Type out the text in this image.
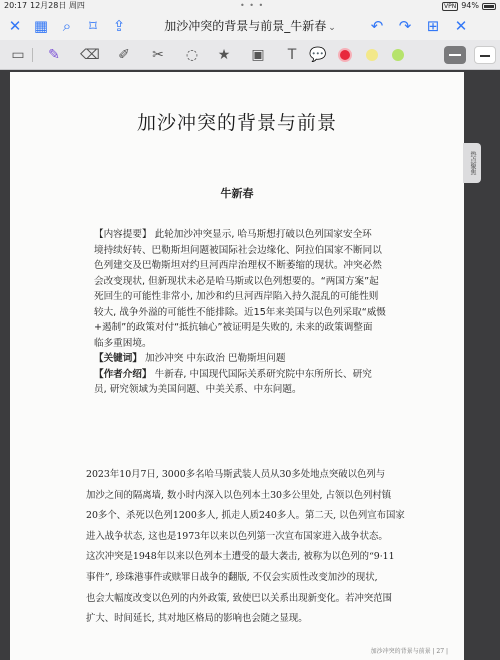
20:17 12月28日 周四	• • •	VPN 94%
✕ ▦ ⌕	⌑	⇪	加沙冲突的背景与前景_牛新春 ⌄	↶ ↷ ⊞ ✕
▭ ✎ ⌫ ✐ ✂ ◌ ★ ▣	T 💬
加沙冲突的背景与前景
牛新春
【内容提要】 此轮加沙冲突显示, 哈马斯想打破以色列国家安全环
境持续好转、巴勒斯坦问题被国际社会边缘化、阿拉伯国家不断同以
色列建交及巴勒斯坦对约旦河西岸治理权不断萎缩的现状。冲突必然
会改变现状, 但新现状未必是哈马斯或以色列想要的。“两国方案”起
死回生的可能性非常小, 加沙和约旦河西岸陷入持久混乱的可能性则
较大, 战争外溢的可能性不能排除。近15年来美国与以色列采取“威慑
+遏制”的政策对付“抵抗轴心”被证明是失败的, 未来的政策调整面
临多重困境。
【关键词】 加沙冲突 中东政治 巴勒斯坦问题
【作者介绍】 牛新春, 中国现代国际关系研究院中东所所长、研究
员, 研究领域为美国问题、中美关系、中东问题。
2023年10月7日, 3000多名哈马斯武装人员从30多处地点突破以色列与
加沙之间的隔离墙, 数小时内深入以色列本土30多公里处, 占领以色列村镇
20多个、杀死以色列1200多人, 抓走人质240多人。第二天, 以色列宣布国家
进入战争状态, 这也是1973年以来以色列第一次宣布国家进入战争状态。
这次冲突是1948年以来以色列本土遭受的最大袭击, 被称为以色列的“9·11
事件”, 珍珠港事件或赎罪日战争的翻版, 不仅会实质性改变加沙的现状,
也会大幅度改变以色列的内外政策, 致使巴以关系出现新变化。若冲突范围
扩大、时间延长, 其对地区格局的影响也会随之显现。
加沙冲突的背景与前景 | 27 |
热点聚焦
